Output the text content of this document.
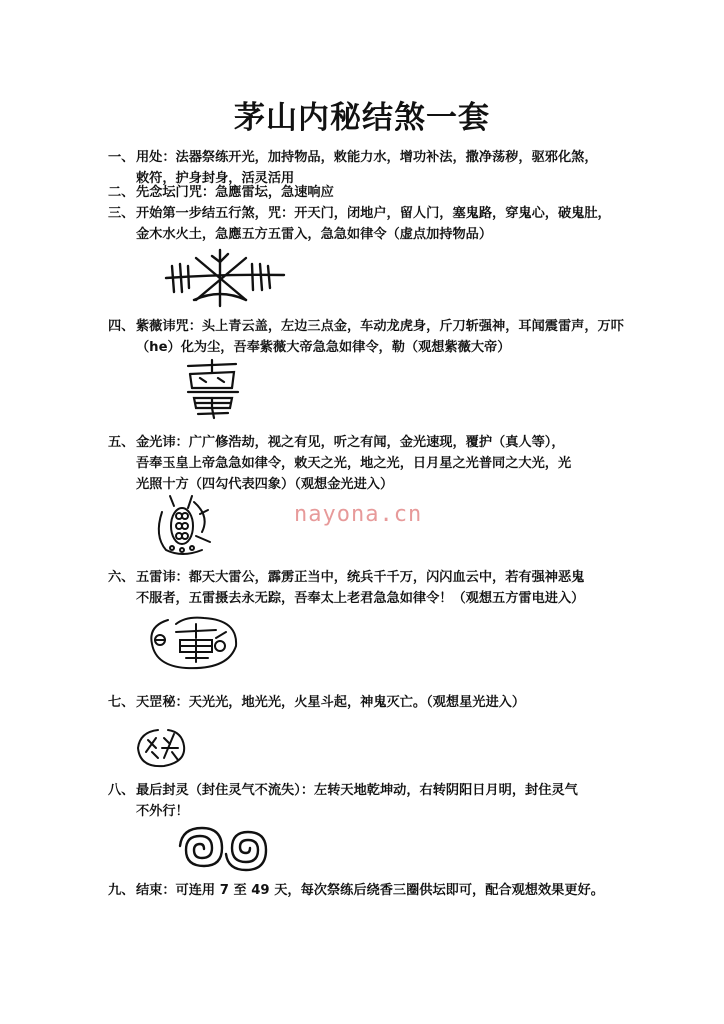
茅山内秘结煞一套
一、 用处：法器祭练开光，加持物品，敕能力水，增功补法，撒净荡秽，驱邪化煞，
敕符，护身封身，活灵活用
二、 先念坛门咒：急應雷坛，急速响应
三、 开始第一步结五行煞，咒：开天门，闭地户，留人门，塞鬼路，穿鬼心，破鬼肚，
金木水火土，急應五方五雷入，急急如律令（虚点加持物品）
四、 紫薇讳咒：头上青云盖，左边三点金，车动龙虎身，斤刀斩强神，耳闻震雷声，万吓
（he）化为尘，吾奉紫薇大帝急急如律令，勒（观想紫薇大帝）
五、 金光讳：广广修浩劫，视之有见，听之有闻，金光速现，覆护（真人等），
吾奉玉皇上帝急急如律令，敕天之光，地之光，日月星之光普同之大光，光
光照十方（四勾代表四象）（观想金光进入）
六、 五雷讳：都天大雷公，霹雳正当中，统兵千千万，闪闪血云中，若有强神恶鬼
不服者，五雷摄去永无踪，吾奉太上老君急急如律令！（观想五方雷电进入）
七、 天罡秘：天光光，地光光，火星斗起，神鬼灭亡。（观想星光进入）
八、 最后封灵（封住灵气不流失）：左转天地乾坤动，右转阴阳日月明，封住灵气
不外行！
九、 结束：可连用 7 至 49 天，每次祭练后绕香三圈供坛即可，配合观想效果更好。
nayona.cn
